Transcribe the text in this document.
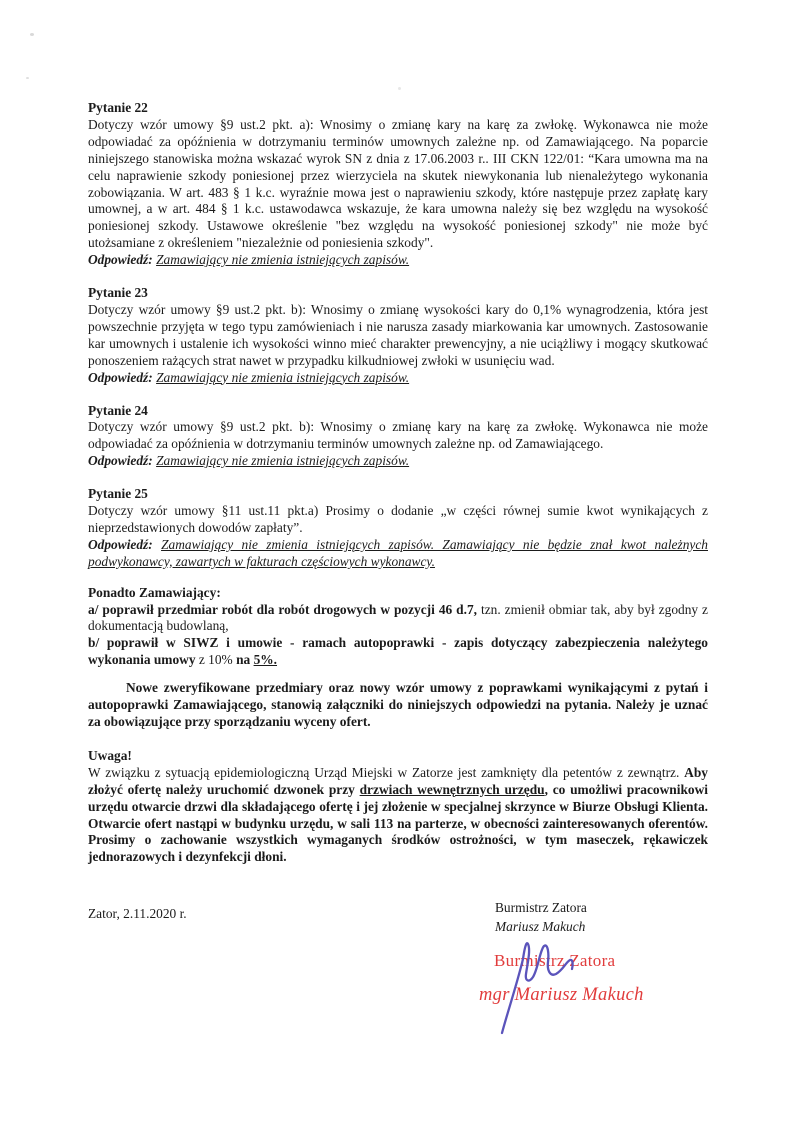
Pytanie 22

Dotyczy wzór umowy §9 ust.2 pkt. a): Wnosimy o zmianę kary na karę za zwłokę. Wykonawca nie może odpowiadać za opóźnienia w dotrzymaniu terminów umownych zależne np. od Zamawiającego. Na poparcie niniejszego stanowiska można wskazać wyrok SN z dnia z 17.06.2003 r.. III CKN 122/01: “Kara umowna ma na celu naprawienie szkody poniesionej przez wierzyciela na skutek niewykonania lub nienależytego wykonania zobowiązania. W art. 483 § 1 k.c. wyraźnie mowa jest o naprawieniu szkody, które następuje przez zapłatę kary umownej, a w art. 484 § 1 k.c. ustawodawca wskazuje, że kara umowna należy się bez względu na wysokość poniesionej szkody. Ustawowe określenie "bez względu na wysokość poniesionej szkody" nie może być utożsamiane z określeniem "niezależnie od poniesienia szkody".

Odpowiedź: Zamawiający nie zmienia istniejących zapisów.

Pytanie 23

Dotyczy wzór umowy §9 ust.2 pkt. b): Wnosimy o zmianę wysokości kary do 0,1% wynagrodzenia, która jest powszechnie przyjęta w tego typu zamówieniach i nie narusza zasady miarkowania kar umownych. Zastosowanie kar umownych i ustalenie ich wysokości winno mieć charakter prewencyjny, a nie uciążliwy i mogący skutkować ponoszeniem rażących strat nawet w przypadku kilkudniowej zwłoki w usunięciu wad.

Odpowiedź: Zamawiający nie zmienia istniejących zapisów.

Pytanie 24

Dotyczy wzór umowy §9 ust.2 pkt. b): Wnosimy o zmianę kary na karę za zwłokę. Wykonawca nie może odpowiadać za opóźnienia w dotrzymaniu terminów umownych zależne np. od Zamawiającego.

Odpowiedź: Zamawiający nie zmienia istniejących zapisów.

Pytanie 25

Dotyczy wzór umowy §11 ust.11 pkt.a) Prosimy o dodanie „w części równej sumie kwot wynikających z nieprzedstawionych dowodów zapłaty”.

Odpowiedź: Zamawiający nie zmienia istniejących zapisów. Zamawiający nie będzie znał kwot należnych podwykonawcy, zawartych w fakturach częściowych wykonawcy.

Ponadto Zamawiający:

a/ poprawił przedmiar robót dla robót drogowych w pozycji 46 d.7, tzn. zmienił obmiar tak, aby był zgodny z dokumentacją budowlaną,

b/ poprawił w SIWZ i umowie - ramach autopoprawki - zapis dotyczący zabezpieczenia należytego wykonania umowy z 10% na 5%.

Nowe zweryfikowane przedmiary oraz nowy wzór umowy z poprawkami wynikającymi z pytań i autopoprawki Zamawiającego, stanowią załączniki do niniejszych odpowiedzi na pytania. Należy je uznać za obowiązujące przy sporządzaniu wyceny ofert.

Uwaga!

W związku z sytuacją epidemiologiczną Urząd Miejski w Zatorze jest zamknięty dla petentów z zewnątrz. Aby złożyć ofertę należy uruchomić dzwonek przy drzwiach wewnętrznych urzędu, co umożliwi pracownikowi urzędu otwarcie drzwi dla składającego ofertę i jej złożenie w specjalnej skrzynce w Biurze Obsługi Klienta. Otwarcie ofert nastąpi w budynku urzędu, w sali 113 na parterze, w obecności zainteresowanych oferentów. Prosimy o zachowanie wszystkich wymaganych środków ostrożności, w tym maseczek, rękawiczek jednorazowych i dezynfekcji dłoni.

Zator, 2.11.2020 r.	Burmistrz Zatora
Mariusz Makuch
Burmistrz Zatora
mgr Mariusz Makuch
